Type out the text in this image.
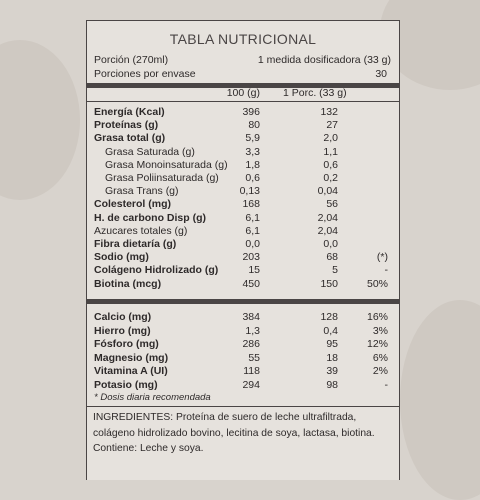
TABLA NUTRICIONAL
Porción (270ml)	1 medida dosificadora (33 g)
Porciones por envase	30
100 (g) 1 Porc. (33 g)
Energía (Kcal)	396	132
Proteínas (g)	80	27
Grasa total (g)	5,9	2,0
Grasa Saturada (g)	3,3	1,1
Grasa Monoinsaturada (g)	1,8	0,6
Grasa Poliinsaturada (g)	0,6	0,2
Grasa Trans (g)	0,13	0,04
Colesterol (mg)	168	56
H. de carbono Disp (g)	6,1	2,04
Azucares totales (g)	6,1	2,04
Fibra dietaría (g)	0,0	0,0
Sodio (mg)	203	68	(*)
Colágeno Hidrolizado (g)	15	5	-
Biotina (mcg)	450	150	50%
Calcio (mg)	384	128	16%
Hierro (mg)	1,3	0,4	3%
Fósforo (mg)	286	95	12%
Magnesio (mg)	55	18	6%
Vitamina A (UI)	118	39	2%
Potasio (mg)	294	98	-
* Dosis diaria recomendada
INGREDIENTES: Proteína de suero de leche ultrafiltrada, colágeno hidrolizado bovino, lecitina de soya, lactasa, biotina.
Contiene: Leche y soya.
